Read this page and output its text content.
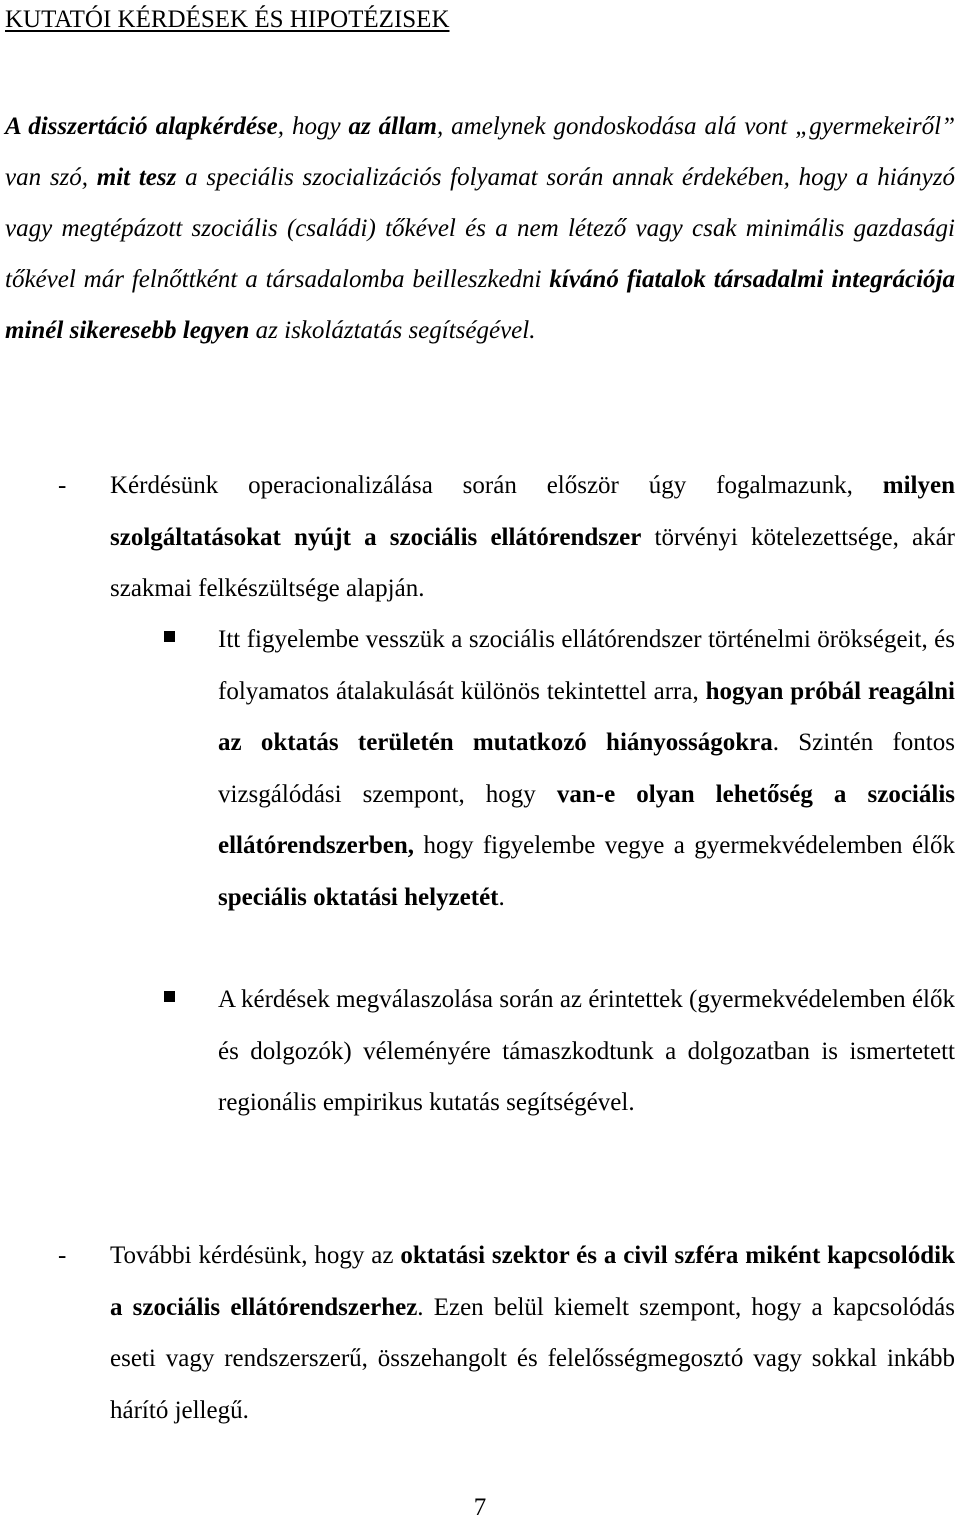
KUTATÓI KÉRDÉSEK ÉS HIPOTÉZISEK

A disszertáció alapkérdése, hogy az állam, amelynek gondoskodása alá vont „gyermekeiről” van szó, mit tesz a speciális szocializációs folyamat során annak érdekében, hogy a hiányzó vagy megtépázott szociális (családi) tőkével és a nem létező vagy csak minimális gazdasági tőkével már felnőttként a társadalomba beilleszkedni kívánó fiatalok társadalmi integrációja minél sikeresebb legyen az iskoláztatás segítségével.

- Kérdésünk operacionalizálása során először úgy fogalmazunk, milyen szolgáltatásokat nyújt a szociális ellátórendszer törvényi kötelezettsége, akár szakmai felkészültsége alapján.

Itt figyelembe vesszük a szociális ellátórendszer történelmi örökségeit, és folyamatos átalakulását különös tekintettel arra, hogyan próbál reagálni az oktatás területén mutatkozó hiányosságokra. Szintén fontos vizsgálódási szempont, hogy van-e olyan lehetőség a szociális ellátórendszerben, hogy figyelembe vegye a gyermekvédelemben élők speciális oktatási helyzetét.

A kérdések megválaszolása során az érintettek (gyermekvédelemben élők és dolgozók) véleményére támaszkodtunk a dolgozatban is ismertetett regionális empirikus kutatás segítségével.

- További kérdésünk, hogy az oktatási szektor és a civil szféra miként kapcsolódik a szociális ellátórendszerhez. Ezen belül kiemelt szempont, hogy a kapcsolódás eseti vagy rendszerszerű, összehangolt és felelősségmegosztó vagy sokkal inkább hárító jellegű.

7
